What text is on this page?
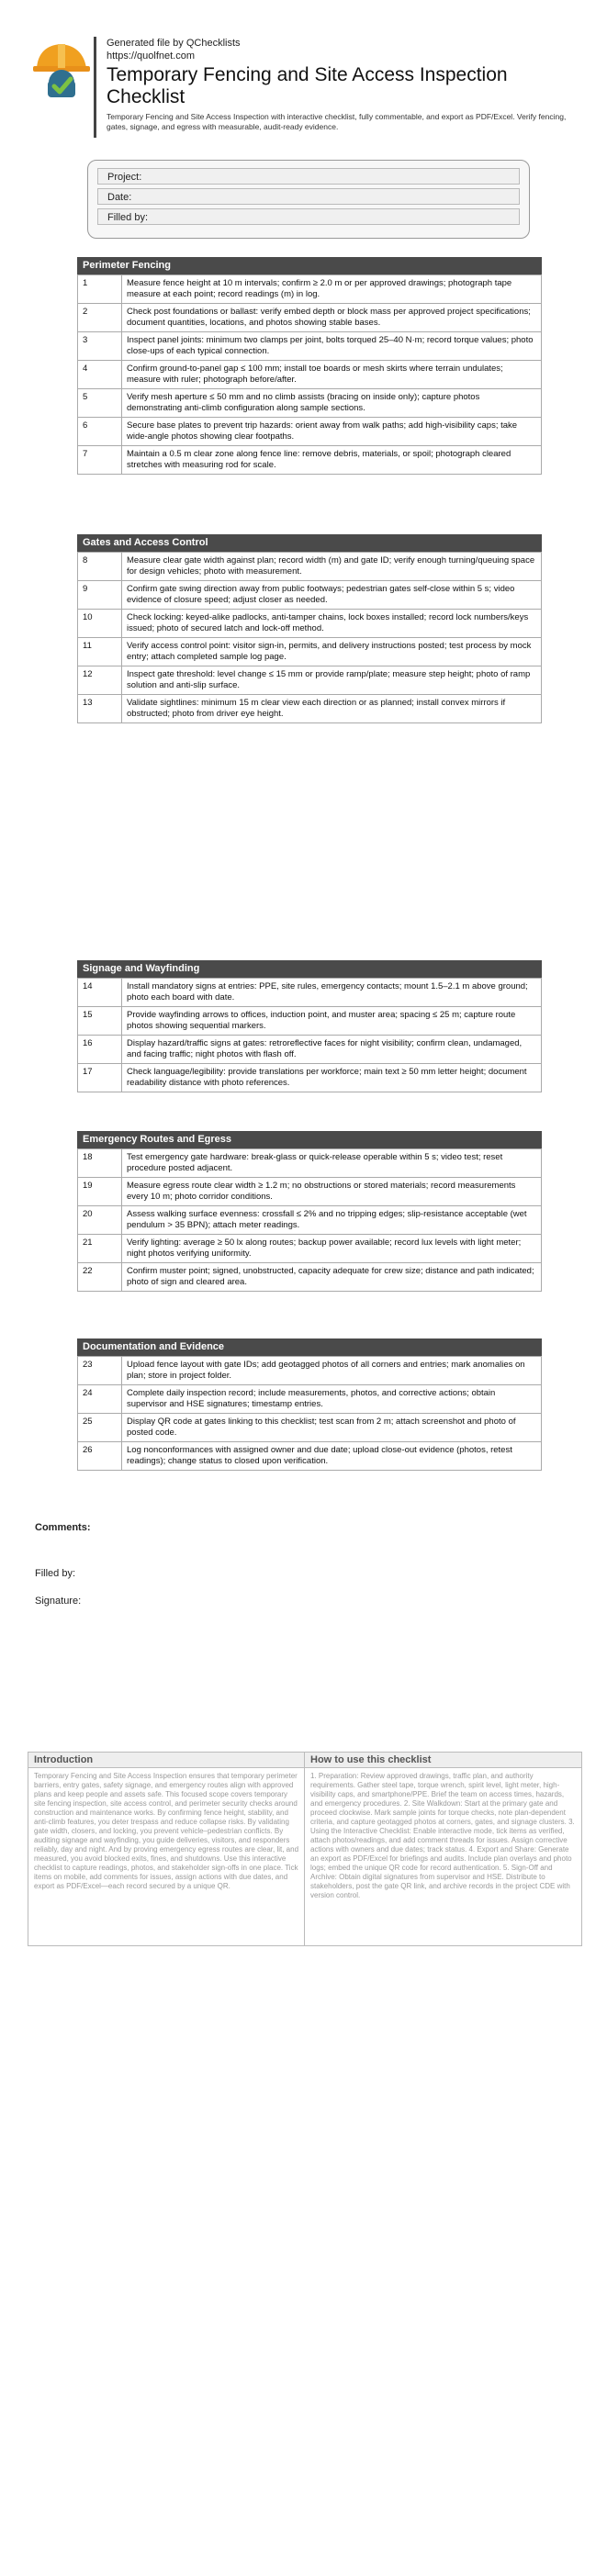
Generated file by QChecklists
https://quolfnet.com
Temporary Fencing and Site Access Inspection Checklist
Temporary Fencing and Site Access Inspection with interactive checklist, fully commentable, and export as PDF/Excel. Verify fencing, gates, signage, and egress with measurable, audit-ready evidence.
Project:
Date:
Filled by:
Perimeter Fencing
1	Measure fence height at 10 m intervals; confirm ≥ 2.0 m or per approved drawings; photograph tape measure at each point; record readings (m) in log.
2	Check post foundations or ballast: verify embed depth or block mass per approved project specifications; document quantities, locations, and photos showing stable bases.
3	Inspect panel joints: minimum two clamps per joint, bolts torqued 25–40 N·m; record torque values; photo close-ups of each typical connection.
4	Confirm ground-to-panel gap ≤ 100 mm; install toe boards or mesh skirts where terrain undulates; measure with ruler; photograph before/after.
5	Verify mesh aperture ≤ 50 mm and no climb assists (bracing on inside only); capture photos demonstrating anti-climb configuration along sample sections.
6	Secure base plates to prevent trip hazards: orient away from walk paths; add high-visibility caps; take wide-angle photos showing clear footpaths.
7	Maintain a 0.5 m clear zone along fence line: remove debris, materials, or spoil; photograph cleared stretches with measuring rod for scale.
Gates and Access Control
8	Measure clear gate width against plan; record width (m) and gate ID; verify enough turning/queuing space for design vehicles; photo with measurement.
9	Confirm gate swing direction away from public footways; pedestrian gates self-close within 5 s; video evidence of closure speed; adjust closer as needed.
10	Check locking: keyed-alike padlocks, anti-tamper chains, lock boxes installed; record lock numbers/keys issued; photo of secured latch and lock-off method.
11	Verify access control point: visitor sign-in, permits, and delivery instructions posted; test process by mock entry; attach completed sample log page.
12	Inspect gate threshold: level change ≤ 15 mm or provide ramp/plate; measure step height; photo of ramp solution and anti-slip surface.
13	Validate sightlines: minimum 15 m clear view each direction or as planned; install convex mirrors if obstructed; photo from driver eye height.
Signage and Wayfinding
14	Install mandatory signs at entries: PPE, site rules, emergency contacts; mount 1.5–2.1 m above ground; photo each board with date.
15	Provide wayfinding arrows to offices, induction point, and muster area; spacing ≤ 25 m; capture route photos showing sequential markers.
16	Display hazard/traffic signs at gates: retroreflective faces for night visibility; confirm clean, undamaged, and facing traffic; night photos with flash off.
17	Check language/legibility: provide translations per workforce; main text ≥ 50 mm letter height; document readability distance with photo references.
Emergency Routes and Egress
18	Test emergency gate hardware: break-glass or quick-release operable within 5 s; video test; reset procedure posted adjacent.
19	Measure egress route clear width ≥ 1.2 m; no obstructions or stored materials; record measurements every 10 m; photo corridor conditions.
20	Assess walking surface evenness: crossfall ≤ 2% and no tripping edges; slip-resistance acceptable (wet pendulum > 35 BPN); attach meter readings.
21	Verify lighting: average ≥ 50 lx along routes; backup power available; record lux levels with light meter; night photos verifying uniformity.
22	Confirm muster point; signed, unobstructed, capacity adequate for crew size; distance and path indicated; photo of sign and cleared area.
Documentation and Evidence
23	Upload fence layout with gate IDs; add geotagged photos of all corners and entries; mark anomalies on plan; store in project folder.
24	Complete daily inspection record; include measurements, photos, and corrective actions; obtain supervisor and HSE signatures; timestamp entries.
25	Display QR code at gates linking to this checklist; test scan from 2 m; attach screenshot and photo of posted code.
26	Log nonconformances with assigned owner and due date; upload close-out evidence (photos, retest readings); change status to closed upon verification.
Comments:
Filled by:
Signature:
Introduction
Temporary Fencing and Site Access Inspection ensures that temporary perimeter barriers, entry gates, safety signage, and emergency routes align with approved plans and keep people and assets safe. This focused scope covers temporary site fencing inspection, site access control, and perimeter security checks around construction and maintenance works. By confirming fence height, stability, and anti-climb features, you deter trespass and reduce collapse risks. By validating gate width, closers, and locking, you prevent vehicle–pedestrian conflicts. By auditing signage and wayfinding, you guide deliveries, visitors, and responders reliably, day and night. And by proving emergency egress routes are clear, lit, and measured, you avoid blocked exits, fines, and shutdowns. Use this interactive checklist to capture readings, photos, and stakeholder sign-offs in one place. Tick items on mobile, add comments for issues, assign actions with due dates, and export as PDF/Excel—each record secured by a unique QR.
How to use this checklist
1. Preparation: Review approved drawings, traffic plan, and authority requirements. Gather steel tape, torque wrench, spirit level, light meter, high-visibility caps, and smartphone/PPE. Brief the team on access times, hazards, and emergency procedures. 2. Site Walkdown: Start at the primary gate and proceed clockwise. Mark sample joints for torque checks, note plan-dependent criteria, and capture geotagged photos at corners, gates, and signage clusters. 3. Using the Interactive Checklist: Enable interactive mode, tick items as verified, attach photos/readings, and add comment threads for issues. Assign corrective actions with owners and due dates; track status. 4. Export and Share: Generate an export as PDF/Excel for briefings and audits. Include plan overlays and photo logs; embed the unique QR code for record authentication. 5. Sign-Off and Archive: Obtain digital signatures from supervisor and HSE. Distribute to stakeholders, post the gate QR link, and archive records in the project CDE with version control.
